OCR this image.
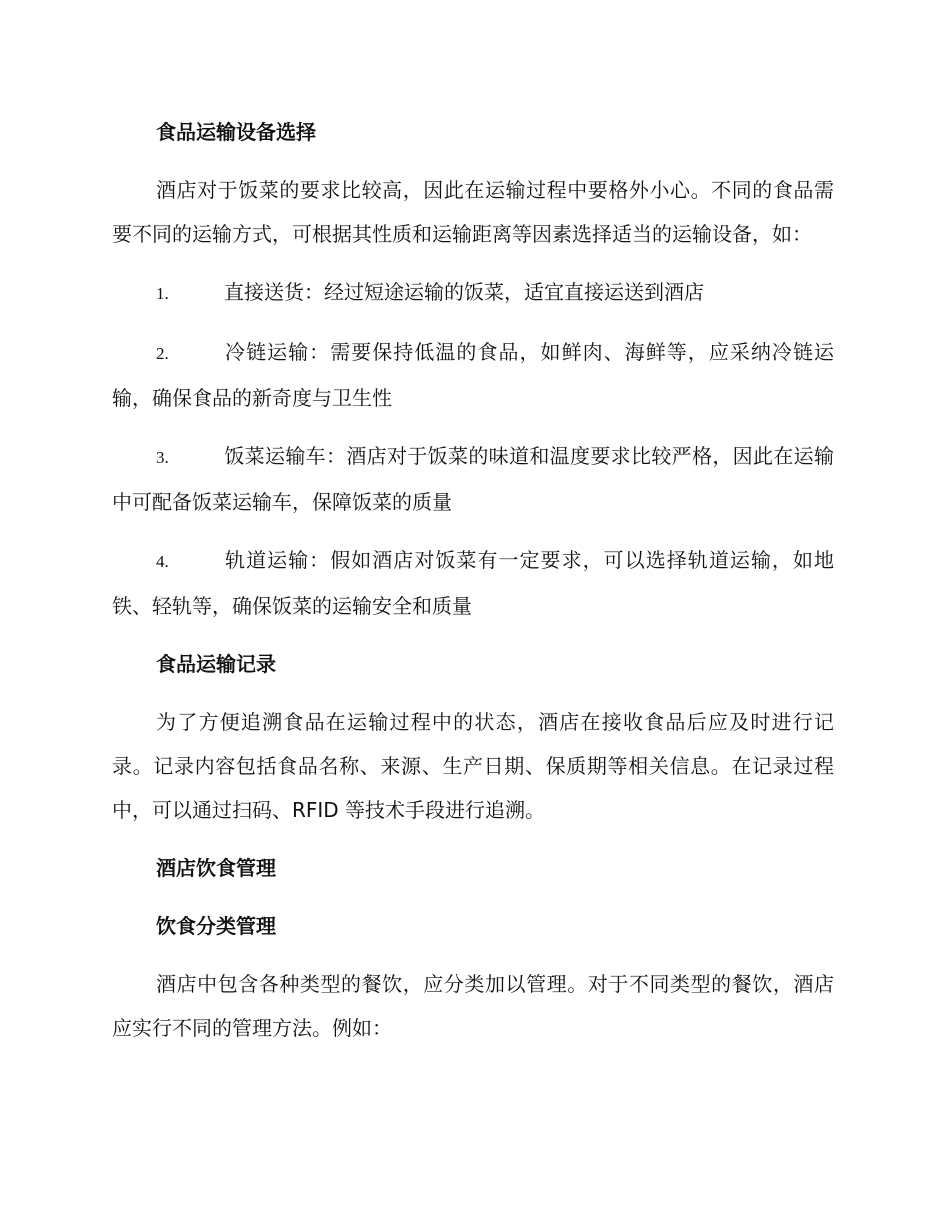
食品运输设备选择

酒店对于饭菜的要求比较高，因此在运输过程中要格外小心。不同的食品需要不同的运输方式，可根据其性质和运输距离等因素选择适当的运输设备，如：

1.	直接送货：经过短途运输的饭菜，适宜直接运送到酒店

2.	冷链运输：需要保持低温的食品，如鲜肉、海鲜等，应采纳冷链运输，确保食品的新奇度与卫生性

3.	饭菜运输车：酒店对于饭菜的味道和温度要求比较严格，因此在运输中可配备饭菜运输车，保障饭菜的质量

4.	轨道运输：假如酒店对饭菜有一定要求，可以选择轨道运输，如地铁、轻轨等，确保饭菜的运输安全和质量

食品运输记录

为了方便追溯食品在运输过程中的状态，酒店在接收食品后应及时进行记录。记录内容包括食品名称、来源、生产日期、保质期等相关信息。在记录过程中，可以通过扫码、RFID 等技术手段进行追溯。

酒店饮食管理
饮食分类管理

酒店中包含各种类型的餐饮，应分类加以管理。对于不同类型的餐饮，酒店应实行不同的管理方法。例如：
